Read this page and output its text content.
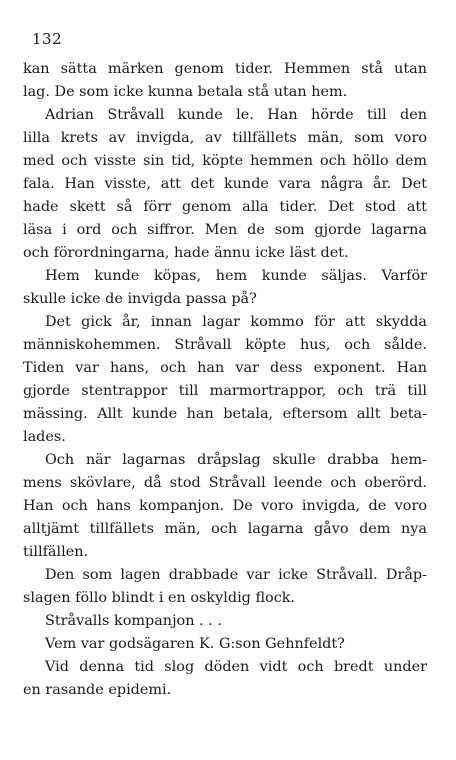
132
kan sätta märken genom tider. Hemmen stå utan
lag. De som icke kunna betala stå utan hem.
Adrian Stråvall kunde le. Han hörde till den
lilla krets av invigda, av tillfällets män, som voro
med och visste sin tid, köpte hemmen och höllo dem
fala. Han visste, att det kunde vara några år. Det
hade skett så förr genom alla tider. Det stod att
läsa i ord och siffror. Men de som gjorde lagarna
och förordningarna, hade ännu icke läst det.
Hem kunde köpas, hem kunde säljas. Varför
skulle icke de invigda passa på?
Det gick år, innan lagar kommo för att skydda
människohemmen. Stråvall köpte hus, och sålde.
Tiden var hans, och han var dess exponent. Han
gjorde stentrappor till marmortrappor, och trä till
mässing. Allt kunde han betala, eftersom allt beta-
lades.
Och när lagarnas dråpslag skulle drabba hem-
mens skövlare, då stod Stråvall leende och oberörd.
Han och hans kompanjon. De voro invigda, de voro
alltjämt tillfällets män, och lagarna gåvo dem nya
tillfällen.
Den som lagen drabbade var icke Stråvall. Dråp-
slagen föllo blindt i en oskyldig flock.
Stråvalls kompanjon . . .
Vem var godsägaren K. G:son Gehnfeldt?
Vid denna tid slog döden vidt och bredt under
en rasande epidemi.
